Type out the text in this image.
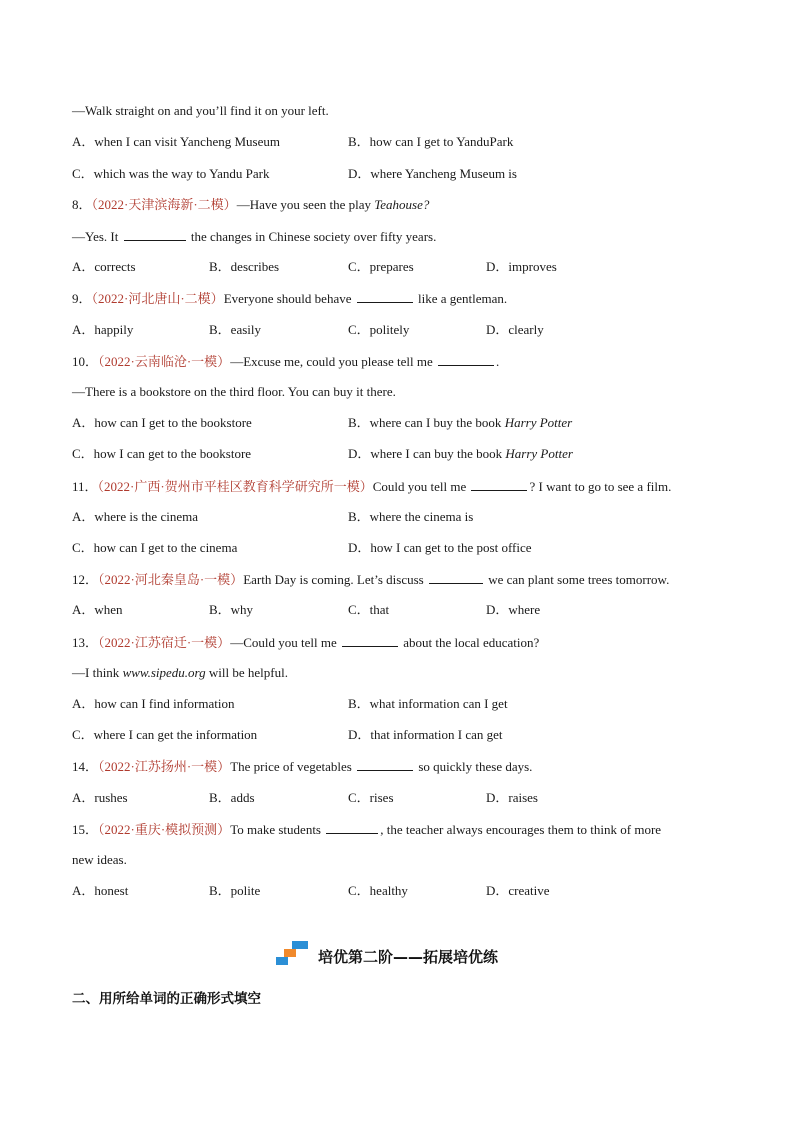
—Walk straight on and you’ll find it on your left.
A．when I can visit Yancheng Museum	B．how can I get to YanduPark
C．which was the way to Yandu Park	D．where Yancheng Museum is
8．（2022·天津滨海新·二模）—Have you seen the play Teahouse?
—Yes. It	the changes in Chinese society over fifty years.
A．corrects	B．describes	C．prepares	D．improves
9．（2022·河北唐山·二模）Everyone should behave	like a gentleman.
A．happily	B．easily	C．politely	D．clearly
10．（2022·云南临沧·一模）—Excuse me, could you please tell me	.
—There is a bookstore on the third floor. You can buy it there.
A．how can I get to the bookstore	B．where can I buy the book Harry Potter
C．how I can get to the bookstore	D．where I can buy the book Harry Potter
11．（2022·广西·贺州市平桂区教育科学研究所一模）Could you tell me	? I want to go to see a film.
A．where is the cinema	B．where the cinema is
C．how can I get to the cinema	D．how I can get to the post office
12．（2022·河北秦皇岛·一模）Earth Day is coming. Let’s discuss	we can plant some trees tomorrow.
A．when	B．why	C．that	D．where
13．（2022·江苏宿迁·一模）—Could you tell me	about the local education?
—I think www.sipedu.org will be helpful.
A．how can I find information	B．what information can I get
C．where I can get the information	D．that information I can get
14．（2022·江苏扬州·一模）The price of vegetables	so quickly these days.
A．rushes	B．adds	C．rises	D．raises
15．（2022·重庆·模拟预测）To make students	, the teacher always encourages them to think of more
new ideas.
A．honest	B．polite	C．healthy	D．creative
培优第二阶——拓展培优练
二、用所给单词的正确形式填空
